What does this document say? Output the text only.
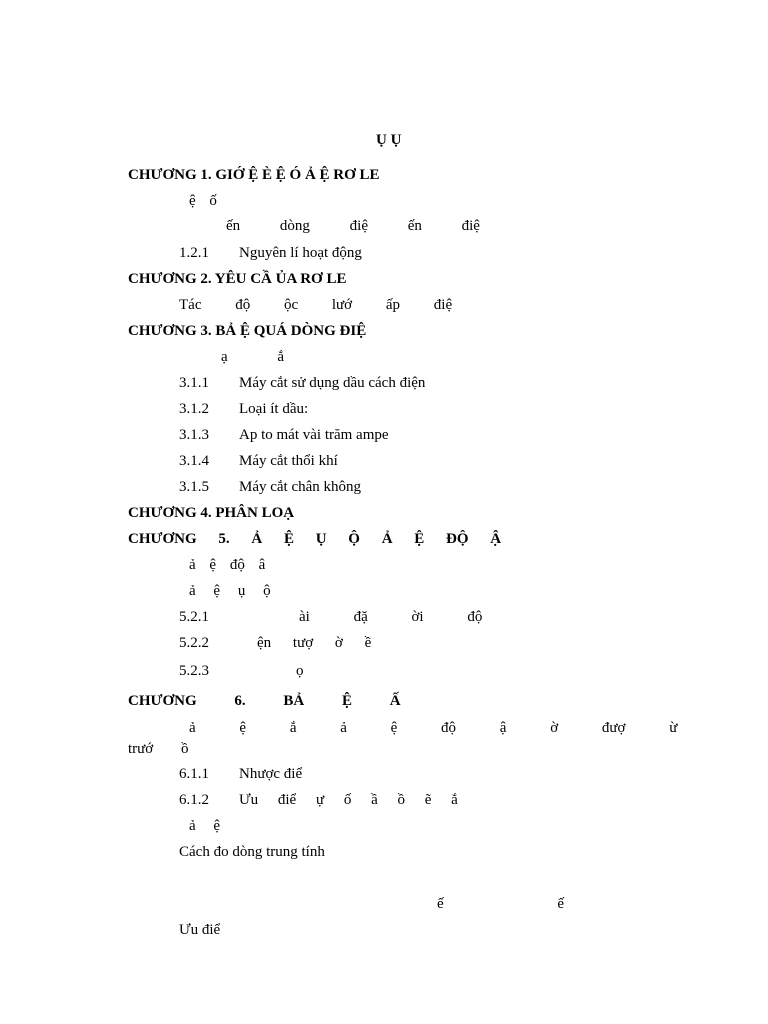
Ụ Ụ
CHƯƠNG 1. GIỚ Ệ È Ệ Ó Ả Ệ RƠ LE
ệ ố
ến dòng điệ ến điệ
1.2.1 Nguyên lí hoạt động
CHƯƠNG 2. YÊU CẦ ỦA RƠ LE
Tác độ ộc lướ ấp điệ
CHƯƠNG 3. BẢ Ệ QUÁ DÒNG ĐIỆ
ạ ắ
3.1.1 Máy cắt sử dụng dầu cách điện
3.1.2 Loại ít dầu:
3.1.3 Ap to mát vài trăm ampe
3.1.4 Máy cắt thổi khí
3.1.5 Máy cắt chân không
CHƯƠNG 4. PHÂN LOẠ
CHƯƠNG 5. Ả Ệ Ụ Ộ Ả Ệ ĐỘ Ậ
ả ệ độ â
ả ệ ụ ộ
5.2.1	ài đặ ời độ
5.2.2	ện tượ ờ ề
5.2.3	ọ
CHƯƠNG 6. BẢ Ệ Ấ
ả ệ ắ ả ệ độ ậ ờ đượ ừ
trướ ồ
6.1.1 Nhược điể
6.1.2 Ưu điể ự ố ầ ồ ẽ ắ
ả ệ
Cách đo dòng trung tính
ế ế
Ưu điể
